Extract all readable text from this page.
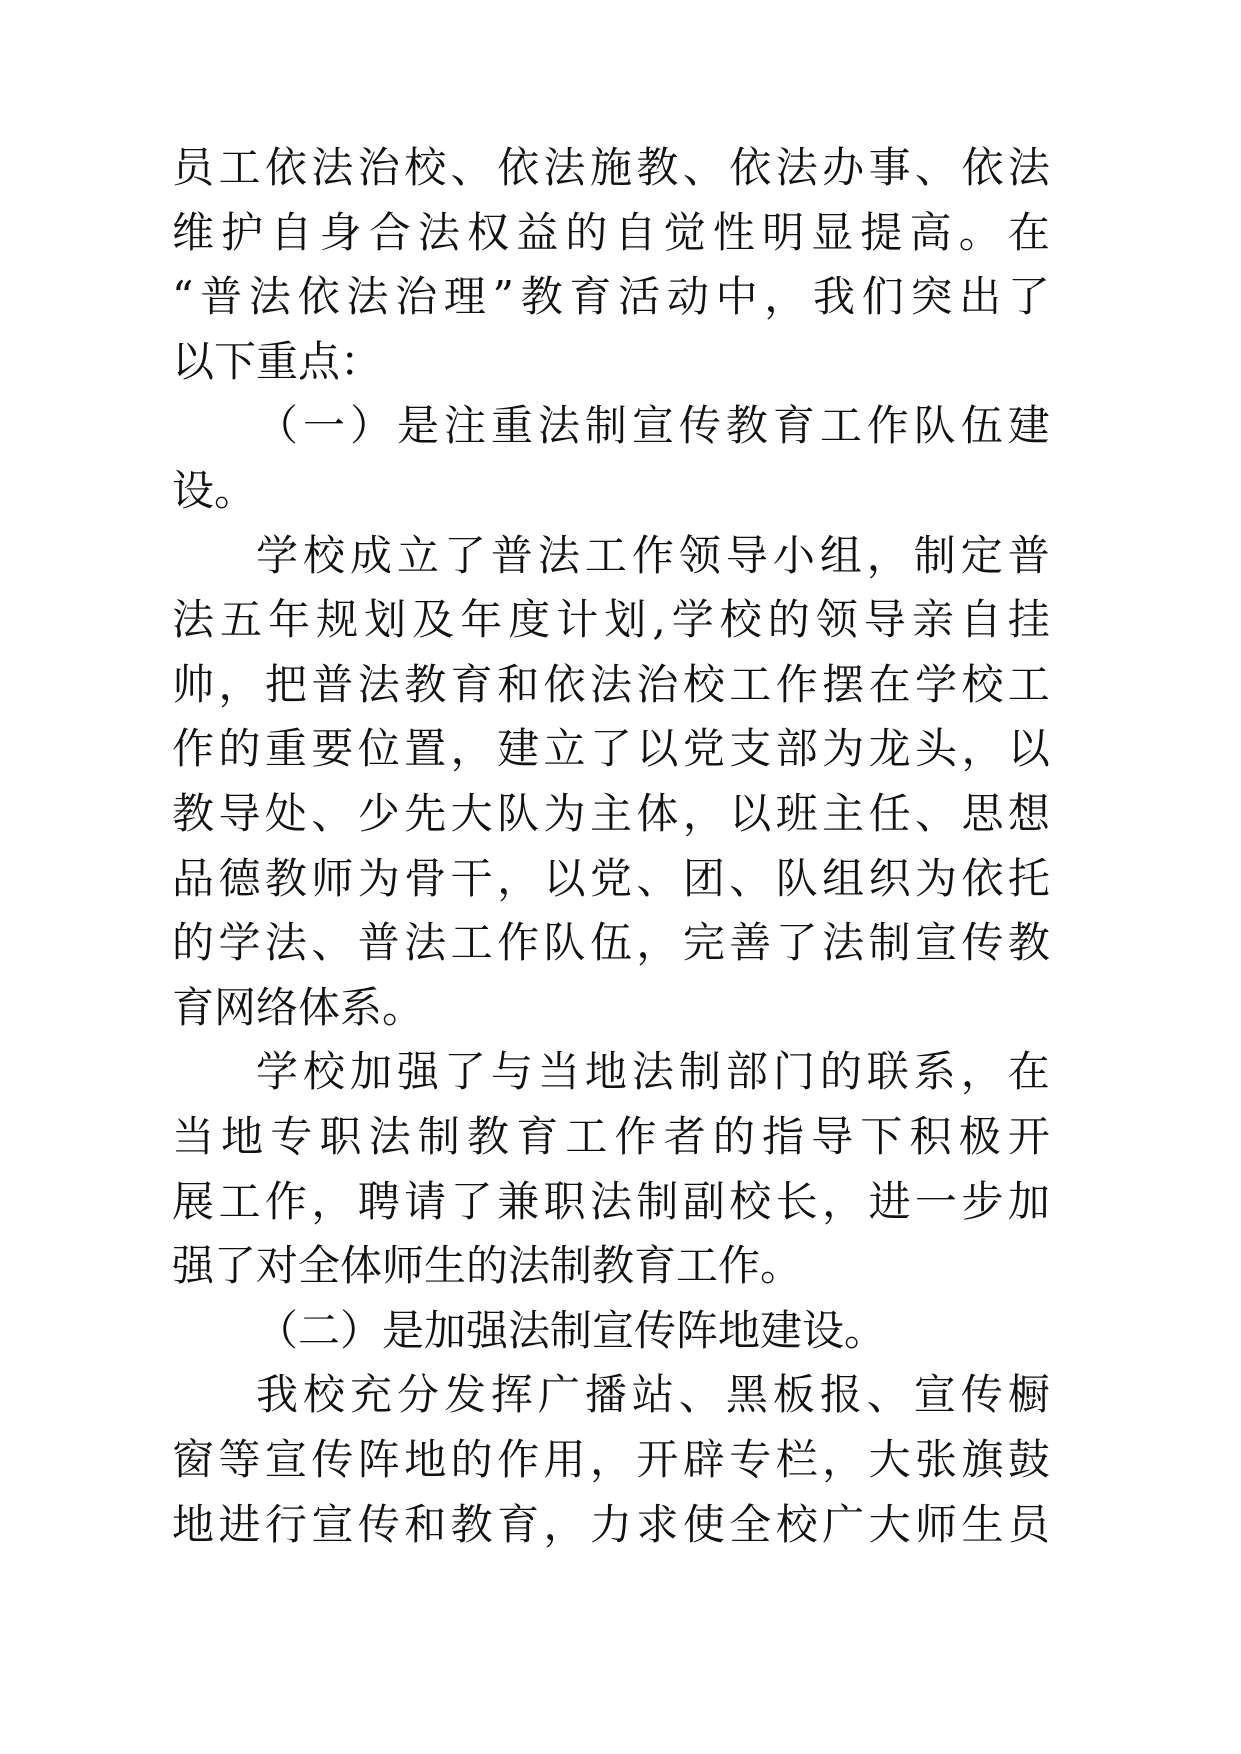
员 工 依 法 治 校 、 依 法 施 教 、 依 法 办 事 、 依 法
维 护 自 身 合 法 权 益 的 自 觉 性 明 显 提 高 。 在
“ 普 法 依 法 治 理 ” 教 育 活 动 中 ， 我 们 突 出 了
以下重点：
（ 一 ） 是 注 重 法 制 宣 传 教 育 工 作 队 伍 建
设。
学 校 成 立 了 普 法 工 作 领 导 小 组 ， 制 定 普
法 五 年 规 划 及 年 度 计 划 , 学 校 的 领 导 亲 自 挂
帅 ， 把 普 法 教 育 和 依 法 治 校 工 作 摆 在 学 校 工
作 的 重 要 位 置 ， 建 立 了 以 党 支 部 为 龙 头 ， 以
教 导 处 、 少 先 大 队 为 主 体 ， 以 班 主 任 、 思 想
品 德 教 师 为 骨 干 ， 以 党 、 团 、 队 组 织 为 依 托
的 学 法 、 普 法 工 作 队 伍 ， 完 善 了 法 制 宣 传 教
育网络体系。
学 校 加 强 了 与 当 地 法 制 部 门 的 联 系 ， 在
当 地 专 职 法 制 教 育 工 作 者 的 指 导 下 积 极 开
展 工 作 ， 聘 请 了 兼 职 法 制 副 校 长 ， 进 一 步 加
强了对全体师生的法制教育工作。
（二）是加强法制宣传阵地建设。
我 校 充 分 发 挥 广 播 站 、 黑 板 报 、 宣 传 橱
窗 等 宣 传 阵 地 的 作 用 ， 开 辟 专 栏 ， 大 张 旗 鼓
地 进 行 宣 传 和 教 育 ， 力 求 使 全 校 广 大 师 生 员
